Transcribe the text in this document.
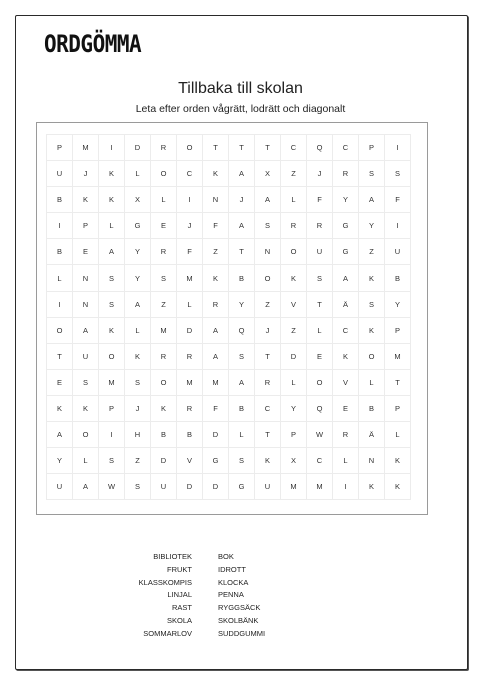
ORDGÖMMA
Tillbaka till skolan
Leta efter orden vågrätt, lodrätt och diagonalt
P	M	I	D	R	O	T	T	T	C	Q	C	P	I
U	J	K	L	O	C	K	A	X	Z	J	R	S	S
B	K	K	X	L	I	N	J	A	L	F	Y	A	F
I	P	L	G	E	J	F	A	S	R	R	G	Y	I
B	E	A	Y	R	F	Z	T	N	O	U	G	Z	U
L	N	S	Y	S	M	K	B	O	K	S	A	K	B
I	N	S	A	Z	L	R	Y	Z	V	T	Ä	S	Y
O	A	K	L	M	D	A	Q	J	Z	L	C	K	P
T	U	O	K	R	R	A	S	T	D	E	K	O	M
E	S	M	S	O	M	M	A	R	L	O	V	L	T
K	K	P	J	K	R	F	B	C	Y	Q	E	B	P
A	O	I	H	B	B	D	L	T	P	W	R	Ä	L
Y	L	S	Z	D	V	G	S	K	X	C	L	N	K
U	A	W	S	U	D	D	G	U	M	M	I	K	K
BIBLIOTEK
FRUKT
KLASSKOMPIS
LINJAL
RAST
SKOLA
SOMMARLOV
BOK
IDROTT
KLOCKA
PENNA
RYGGSÄCK
SKOLBÄNK
SUDDGUMMI
